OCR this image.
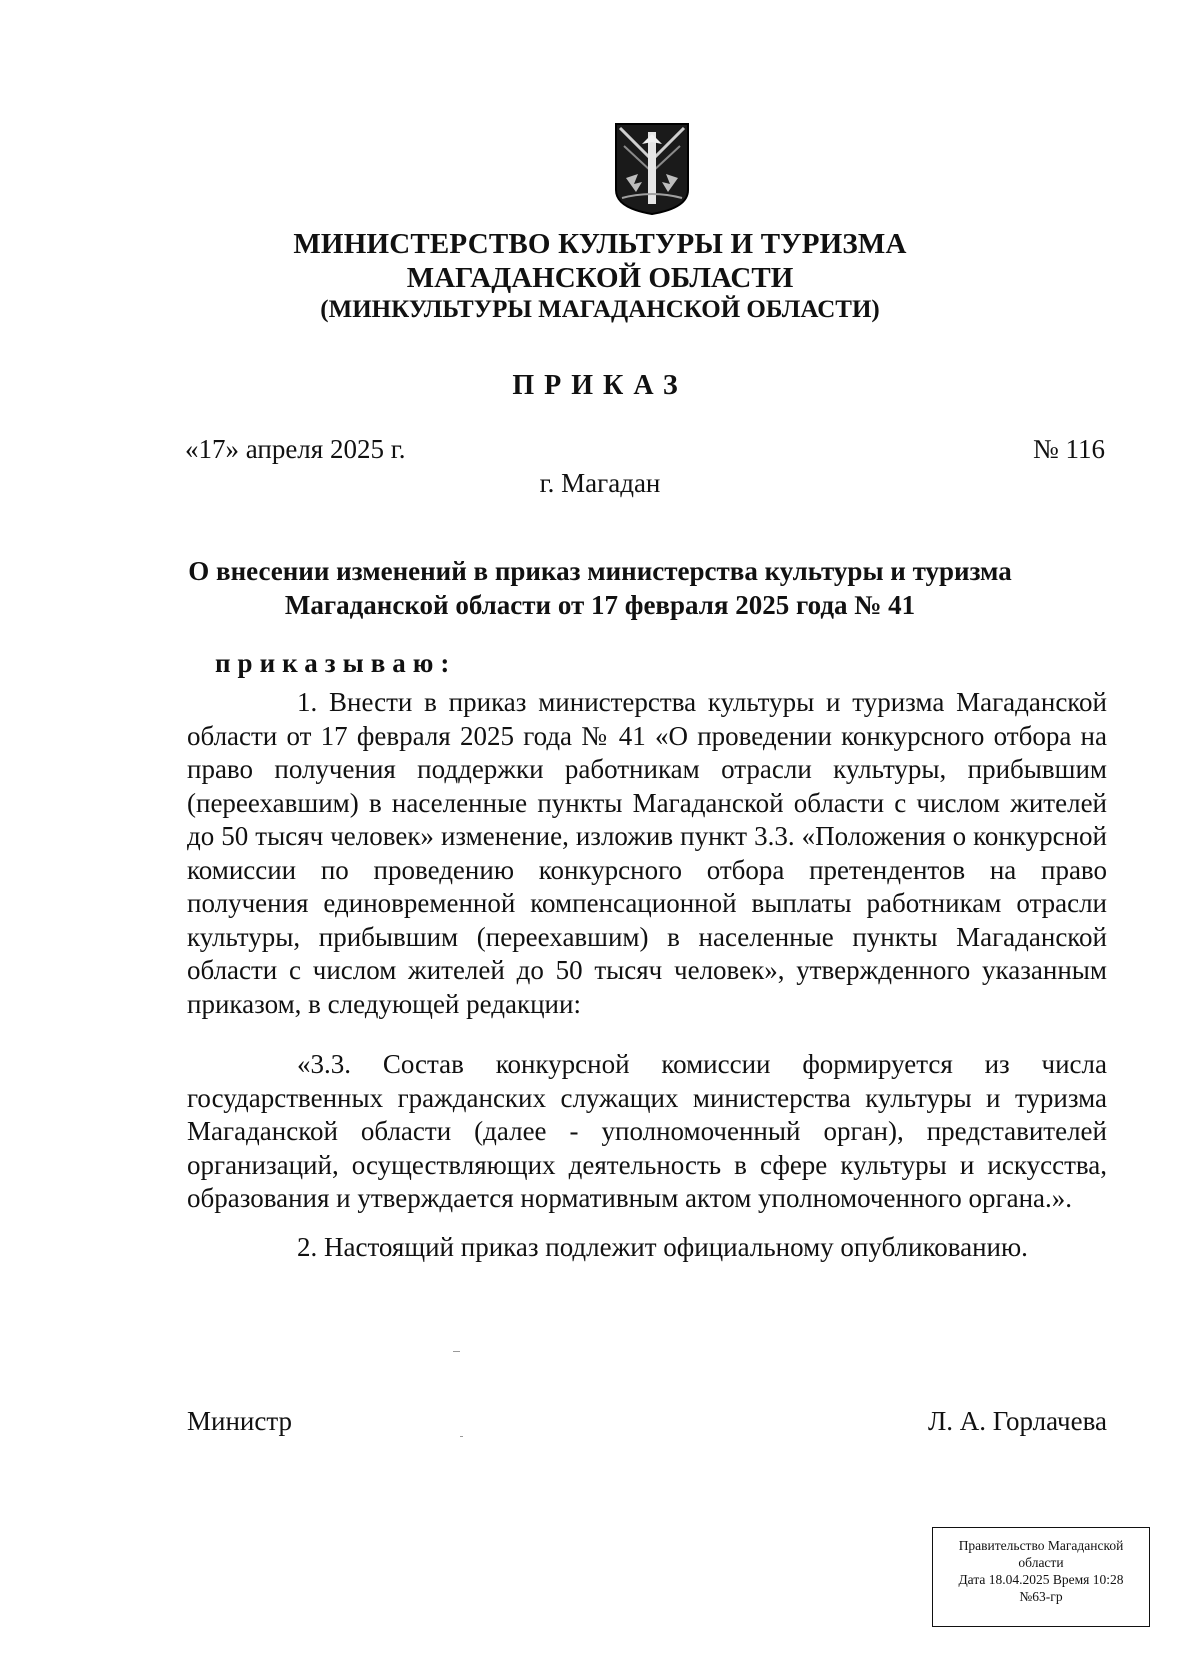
МИНИСТЕРСТВО КУЛЬТУРЫ И ТУРИЗМА
МАГАДАНСКОЙ ОБЛАСТИ
(МИНКУЛЬТУРЫ МАГАДАНСКОЙ ОБЛАСТИ)
ПРИКАЗ
«17» апреля 2025 г.	№ 116
г. Магадан
О внесении изменений в приказ министерства культуры и туризма
Магаданской области от 17 февраля 2025 года № 41
приказываю:

1. Внести в приказ министерства культуры и туризма Магаданской области от 17 февраля 2025 года № 41 «О проведении конкурсного отбора на право получения поддержки работникам отрасли культуры, прибывшим (переехавшим) в населенные пункты Магаданской области с числом жителей до 50 тысяч человек» изменение, изложив пункт 3.3. «Положения о конкурсной комиссии по проведению конкурсного отбора претендентов на право получения единовременной компенсационной выплаты работникам отрасли культуры, прибывшим (переехавшим) в населенные пункты Магаданской области с числом жителей до 50 тысяч человек», утвержденного указанным приказом, в следующей редакции:

«3.3. Состав конкурсной комиссии формируется из числа государственных гражданских служащих министерства культуры и туризма Магаданской области (далее - уполномоченный орган), представителей организаций, осуществляющих деятельность в сфере культуры и искусства, образования и утверждается нормативным актом уполномоченного органа.».

2. Настоящий приказ подлежит официальному опубликованию.

Министр	Л. А. Горлачева
Правительство Магаданской
области
Дата 18.04.2025 Время 10:28
№63-гр
